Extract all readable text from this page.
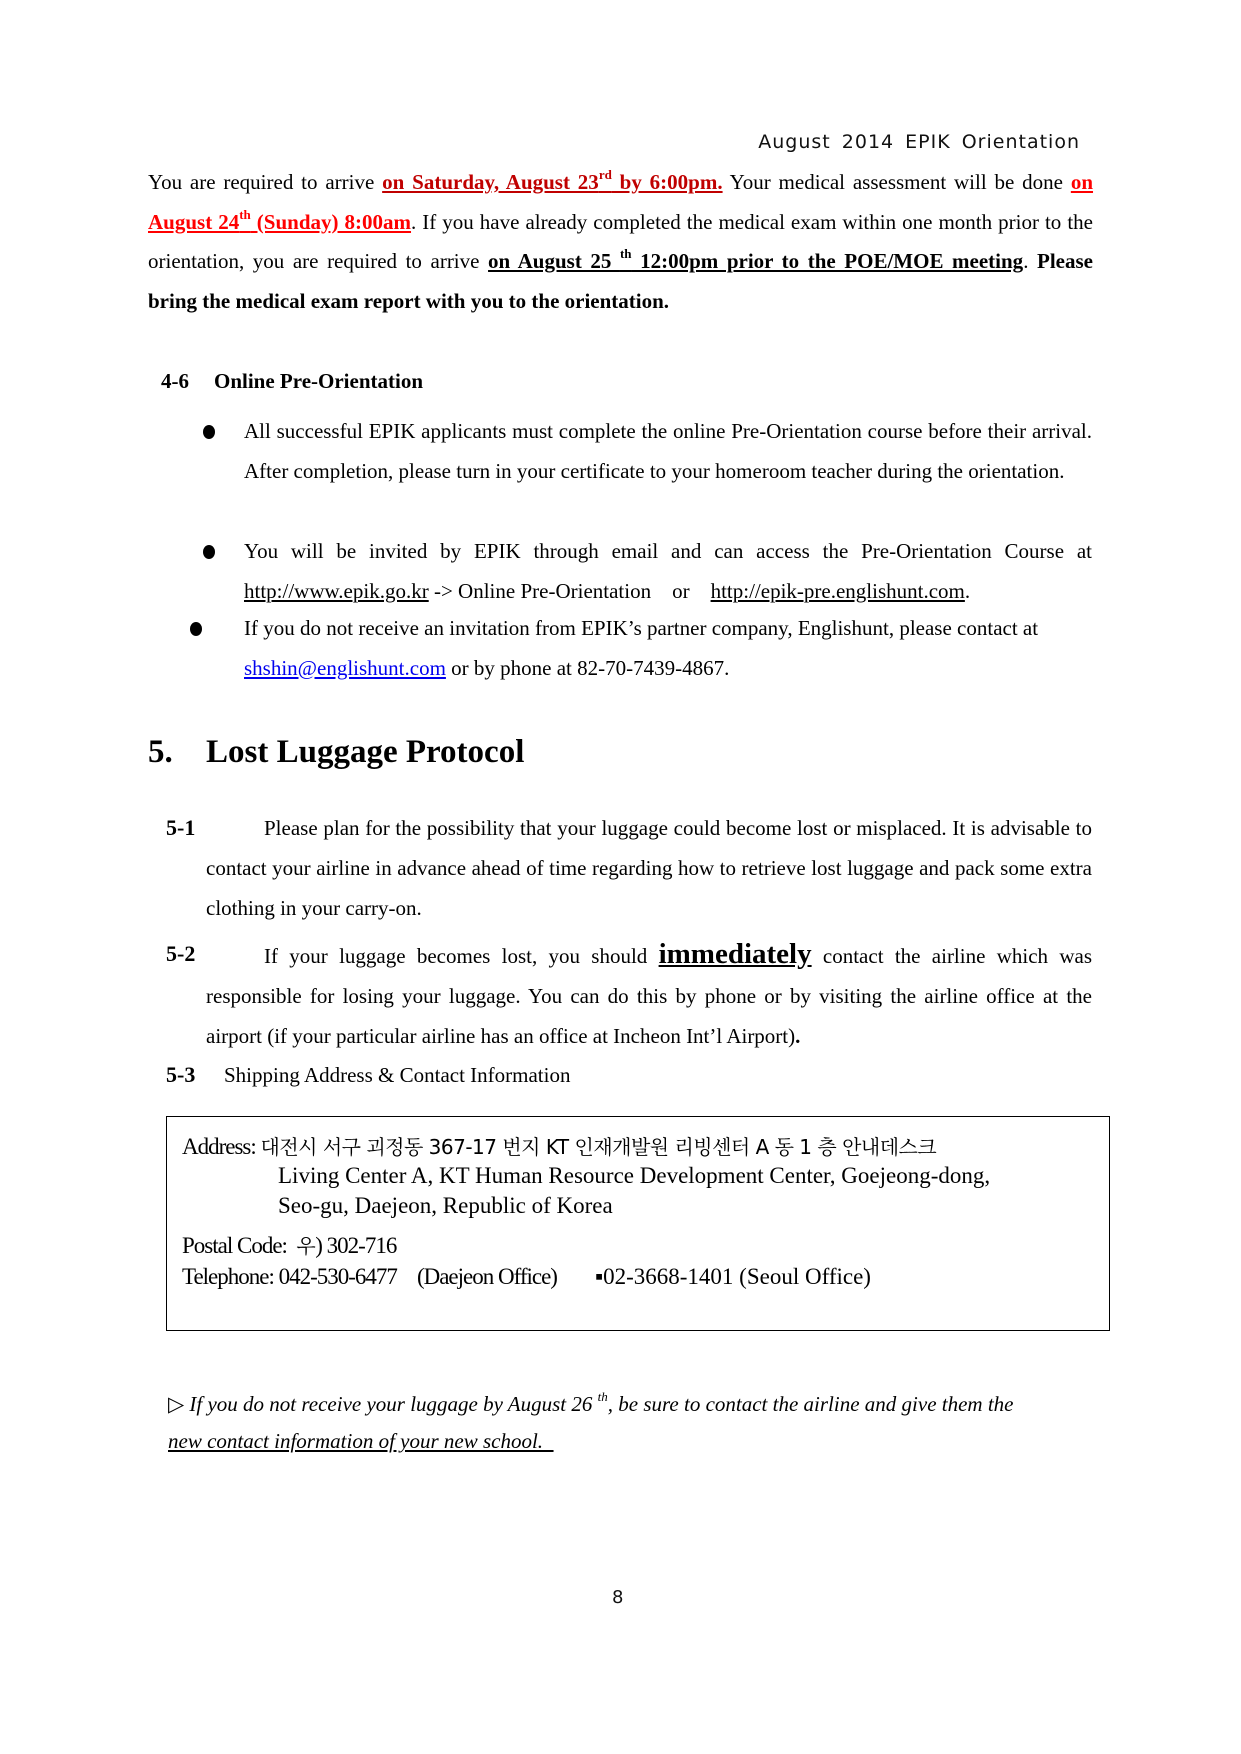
August 2014 EPIK Orientation
You are required to arrive on Saturday, August 23rd by 6:00pm. Your medical assessment will be done on August 24th (Sunday) 8:00am. If you have already completed the medical exam within one month prior to the orientation, you are required to arrive on August 25 $^{th}$ 12:00pm prior to the POE/MOE meeting. Please bring the medical exam report with you to the orientation.
4-6 Online Pre-Orientation
All successful EPIK applicants must complete the online Pre-Orientation course before their arrival. After completion, please turn in your certificate to your homeroom teacher during the orientation.
You will be invited by EPIK through email and can access the Pre-Orientation Course at http://www.epik.go.kr -> Online Pre-Orientation    or    http://epik-pre.englishunt.com.
If you do not receive an invitation from EPIK’s partner company, Englishunt, please contact at shshin@englishunt.com or by phone at 82-70-7439-4867.
5. Lost Luggage Protocol
5-1	Please plan for the possibility that your luggage could become lost or misplaced. It is advisable to contact your airline in advance ahead of time regarding how to retrieve lost luggage and pack some extra clothing in your carry-on.
5-2	If your luggage becomes lost, you should immediately contact the airline which was responsible for losing your luggage. You can do this by phone or by visiting the airline office at the airport (if your particular airline has an office at Incheon Int’l Airport).
5-3 Shipping Address & Contact Information
Address: 대전시 서구 괴정동 367-17 번지 KT 인재개발원 리빙센터 A 동 1 층 안내데스크
Living Center A, KT Human Resource Development Center, Goejeong-dong,
Seo-gu, Daejeon, Republic of Korea
Postal Code:  우) 302-716
Telephone: 042-530-6477 (Daejeon Office) ▪02-3668-1401 (Seoul Office)
▷ If you do not receive your luggage by August 26 $^{th}$, be sure to contact the airline and give them the new contact information of your new school.
8
